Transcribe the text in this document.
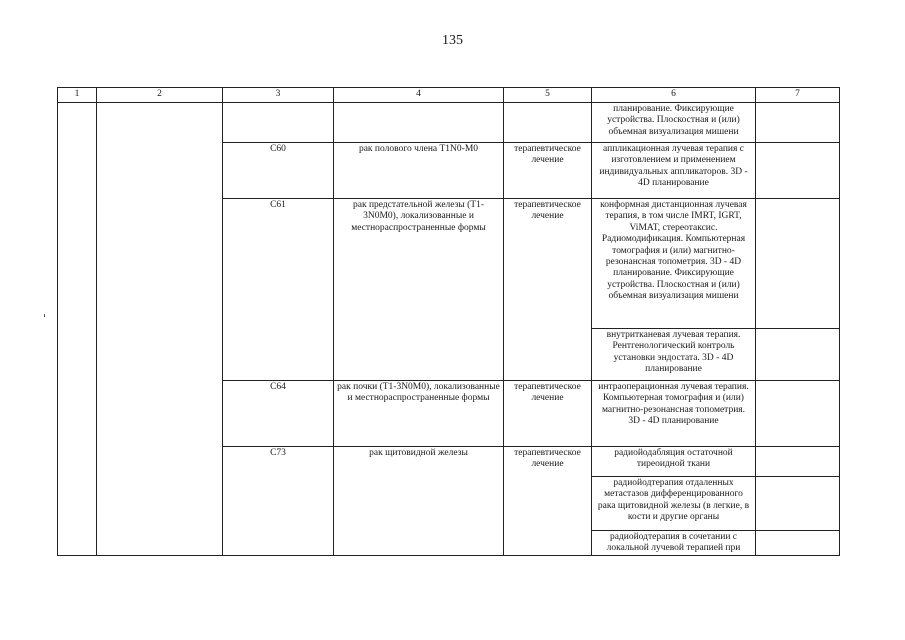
135
1	2	3	4	5	6	7
					планирование. Фиксирующие устройства. Плоскостная и (или) объемная визуализация мишени	
		C60	рак полового члена T1N0-M0	терапевтическое лечение	аппликационная лучевая терапия с изготовлением и применением индивидуальных аппликаторов. 3D - 4D планирование	
		C61	рак предстательной железы (T1-3N0M0), локализованные и местнораспространенные формы	терапевтическое лечение	конформная дистанционная лучевая терапия, в том числе IMRT, IGRT, ViMAT, стереотаксис. Радиомодификация. Компьютерная томография и (или) магнитно-резонансная топометрия. 3D - 4D планирование. Фиксирующие устройства. Плоскостная и (или) объемная визуализация мишени	
					внутритканевая лучевая терапия. Рентгенологический контроль установки эндостата. 3D - 4D планирование	
		C64	рак почки (T1-3N0M0), локализованные и местнораспространенные формы	терапевтическое лечение	интраоперационная лучевая терапия. Компьютерная томография и (или) магнитно-резонансная топометрия. 3D - 4D планирование	
		C73	рак щитовидной железы	терапевтическое лечение	радиойодабляция остаточной тиреоидной ткани	
					радиойодтерапия отдаленных метастазов дифференцированного рака щитовидной железы (в легкие, в кости и другие органы	
					радиойодтерапия в сочетании с локальной лучевой терапией при	
